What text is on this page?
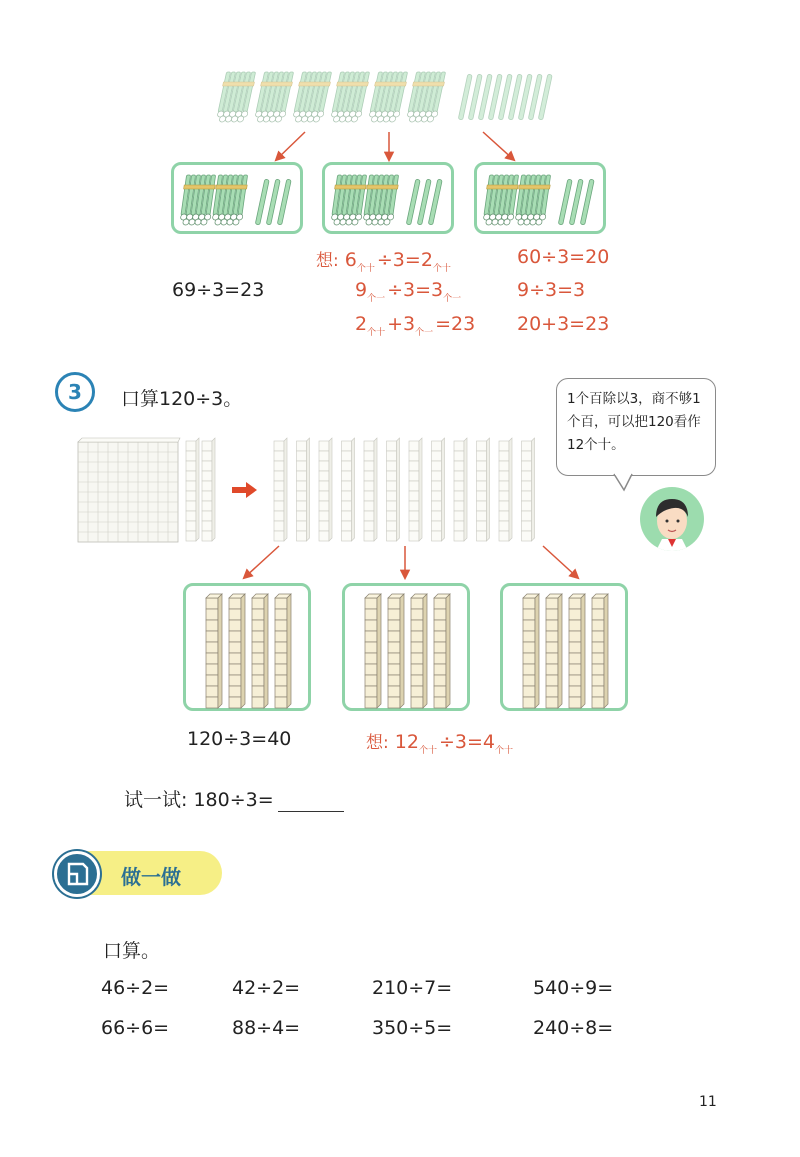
69÷3=23
想: $6_{个十} \div 3=2_{个十}$
$9_{个一} \div 3=3_{个一}$
$2_{个十} +3_{个一} =23$
60÷3=20
9÷3=3
20+3=23
3 口算120÷3。	1个百除以3，商不够1个百，可以把120看作12个十。
120÷3=40	想: $12_{个十} \div 3=4_{个十}$
试一试: 180÷3=
做一做
口算。
46÷2=	42÷2=	210÷7=	540÷9=
66÷6=	88÷4=	350÷5=	240÷8=
11
